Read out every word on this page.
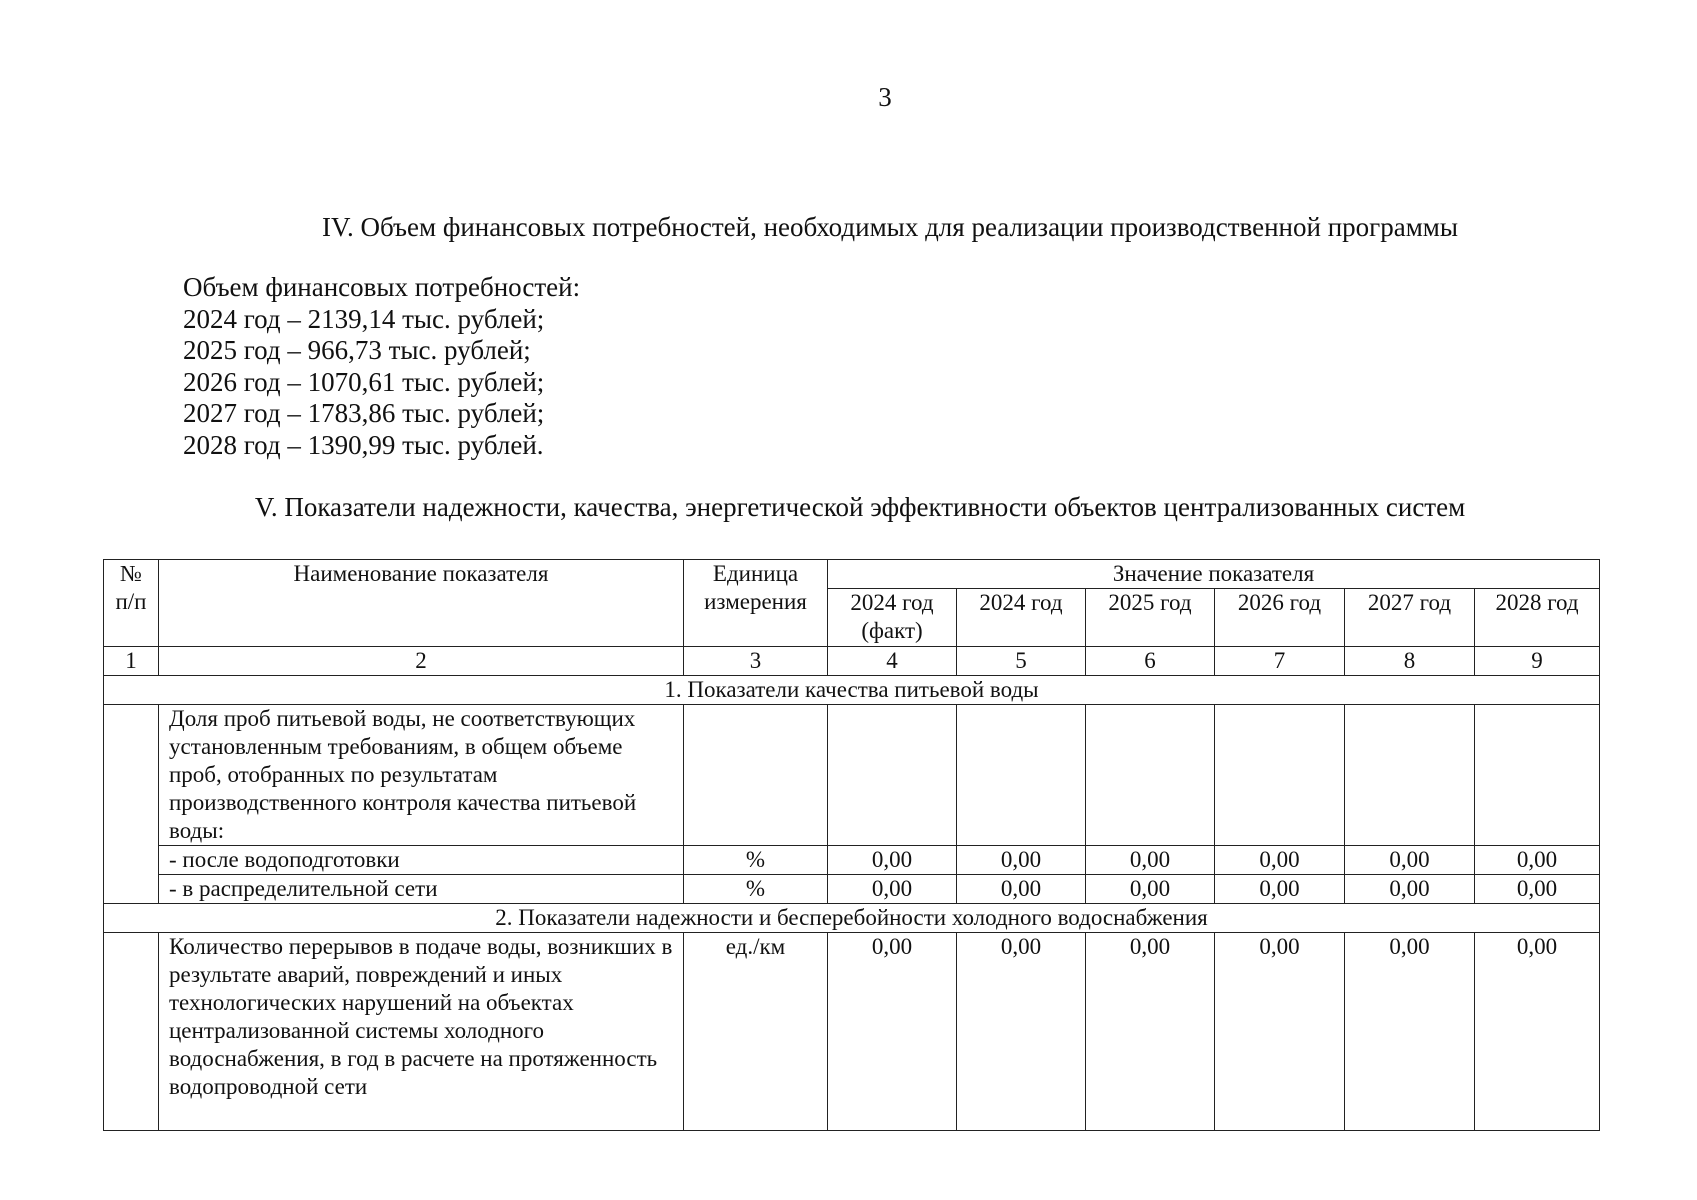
3
IV. Объем финансовых потребностей, необходимых для реализации производственной программы
Объем финансовых потребностей:
2024 год – 2139,14 тыс. рублей;
2025 год – 966,73 тыс. рублей;
2026 год – 1070,61 тыс. рублей;
2027 год – 1783,86 тыс. рублей;
2028 год – 1390,99 тыс. рублей.
V. Показатели надежности, качества, энергетической эффективности объектов централизованных систем
№ п/п	Наименование показателя	Единица измерения	Значение показателя					
			2024 год (факт)	2024 год	2025 год	2026 год	2027 год	2028 год
1	2	3	4	5	6	7	8	9
1. Показатели качества питьевой воды								
	Доля проб питьевой воды, не соответствующих установленным требованиям, в общем объеме проб, отобранных по результатам производственного контроля качества питьевой воды:							
	- после водоподготовки	%	0,00	0,00	0,00	0,00	0,00	0,00
	- в распределительной сети	%	0,00	0,00	0,00	0,00	0,00	0,00
2. Показатели надежности и бесперебойности холодного водоснабжения								
	Количество перерывов в подаче воды, возникших в результате аварий, повреждений и иных технологических нарушений на объектах централизованной системы холодного водоснабжения, в год в расчете на протяженность водопроводной сети	ед./км	0,00	0,00	0,00	0,00	0,00	0,00
